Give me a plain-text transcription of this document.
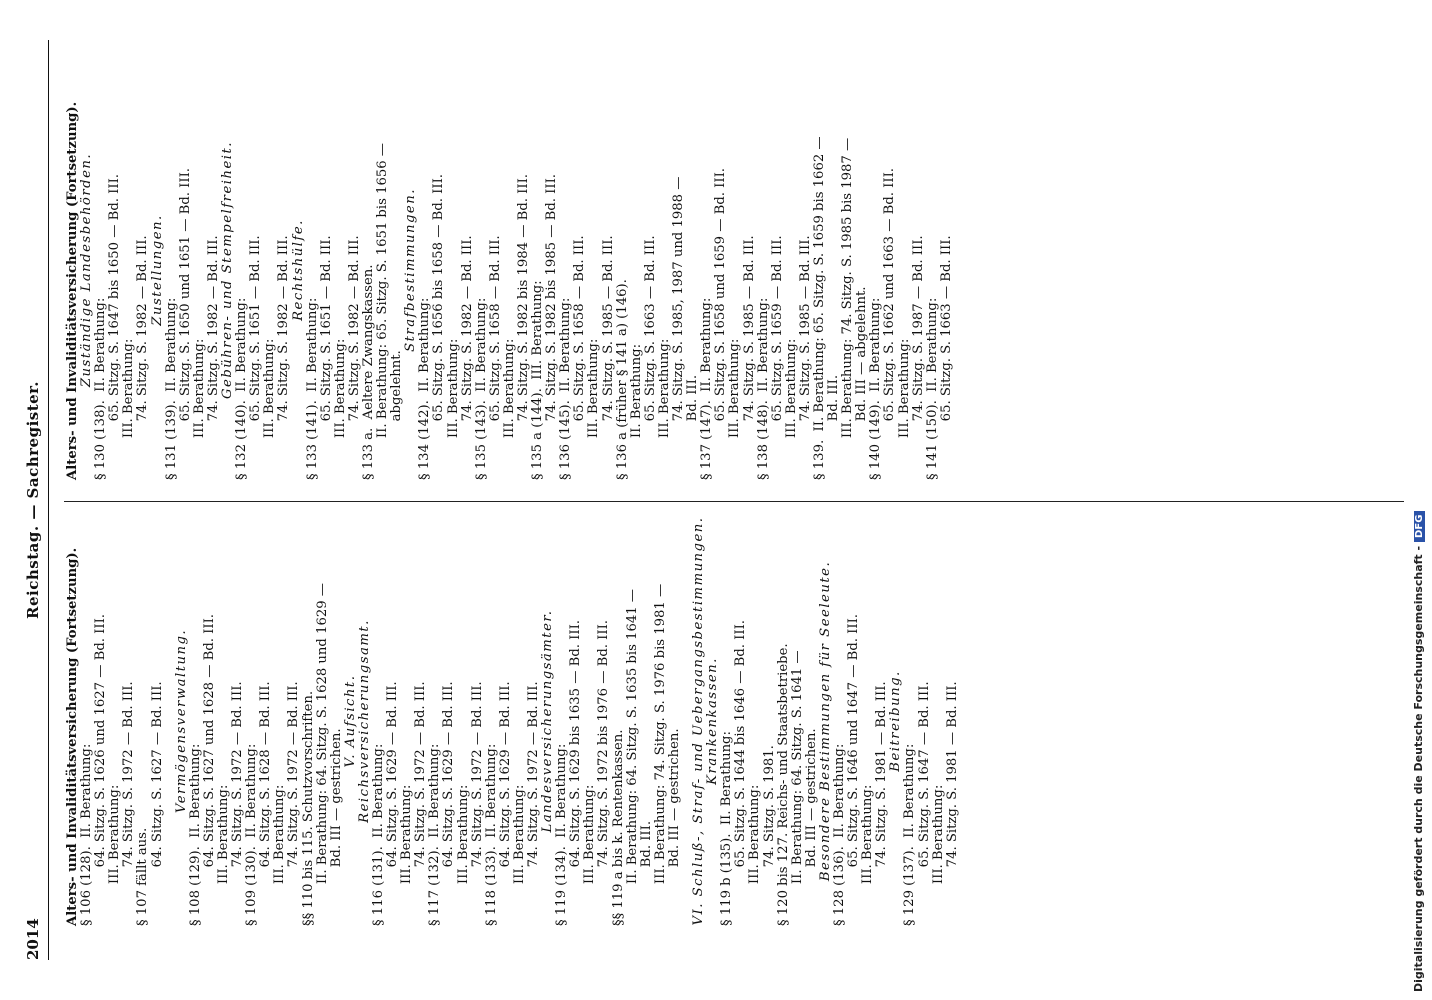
2014
Reichstag. — Sachregister.
Alters- und Invaliditätsversicherung (Fortsetzung). § 106 (128).  II. Berathung: 64. Sitzg. S. 1626 und 1627 — Bd. III. III. Berathung: 74. Sitzg. S. 1972 — Bd. III. § 107 fällt aus. 64. Sitzg. S. 1627 — Bd. III. Vermögensverwaltung.
§ 108 (129).  II. Berathung: 64. Sitzg. S. 1627 und 1628 — Bd. III. III. Berathung: 74. Sitzg. S. 1972 — Bd. III. § 109 (130).  II. Berathung: 64. Sitzg. S. 1628 — Bd. III. III. Berathung: 74. Sitzg. S. 1972 — Bd. III. §§ 110 bis 115. Schutzvorschriften. II. Berathung: 64. Sitzg. S. 1628 und 1629 — Bd. III — gestrichen.
V. Aufsicht. Reichsversicherungsamt.
§ 116 (131).  II. Berathung: 64. Sitzg. S. 1629 — Bd. III. III. Berathung: 74. Sitzg. S. 1972 — Bd. III. § 117 (132).  II. Berathung: 64. Sitzg. S. 1629 — Bd. III. III. Berathung: 74. Sitzg. S. 1972 — Bd. III. § 118 (133).  II. Berathung: 64. Sitzg. S. 1629 — Bd. III. III. Berathung: 74. Sitzg. S. 1972 — Bd. III. Landesversicherungsämter.
§ 119 (134).  II. Berathung: 64. Sitzg. S. 1629 bis 1635 — Bd. III. III. Berathung: 74. Sitzg. S. 1972 bis 1976 — Bd. III. §§ 119 a bis k. Rentenkassen. II. Berathung: 64. Sitzg. S. 1635 bis 1641 — Bd. III. III. Berathung: 74. Sitzg. S. 1976 bis 1981 — Bd. III — gestrichen. VI. Schluß-, Straf- und Uebergangsbestimmungen. Krankenkassen.
§ 119 b (135).  II. Berathung: 65. Sitzg. S. 1644 bis 1646 — Bd. III. III. Berathung: 74. Sitzg. S. 1981. § 120 bis 127. Reichs- und Staatsbetriebe. II. Berathung: 64. Sitzg. S. 1641 — Bd. III — gestrichen. Besondere Bestimmungen für Seeleute. § 128 (136).  II. Berathung: 65. Sitzg. S. 1646 und 1647 — Bd. III. III. Berathung: 74. Sitzg. S. 1981 — Bd. III. Beitreibung.
§ 129 (137).  II. Berathung: 65. Sitzg. S. 1647 — Bd. III. III. Berathung: 74. Sitzg. S. 1981 — Bd. III.
Alters- und Invaliditätsversicherung (Fortsetzung). Zuständige Landesbehörden.
§ 130 (138).  II. Berathung: 65. Sitzg. S. 1647 bis 1650 — Bd. III. III. Berathung: 74. Sitzg. S. 1982 — Bd. III. Zustellungen.
§ 131 (139).  II. Berathung: 65. Sitzg. S. 1650 und 1651 — Bd. III. III. Berathung: 74. Sitzg. S. 1982 — Bd. III. Gebühren- und Stempelfreiheit. § 132 (140).  II. Berathung: 65. Sitzg. S. 1651 — Bd. III. III. Berathung: 74. Sitzg. S. 1982 — Bd. III. Rechtshülfe.
§ 133 (141).  II. Berathung: 65. Sitzg. S. 1651 — Bd. III. III. Berathung: 74. Sitzg. S. 1982 — Bd. III. § 133 a.  Aeltere Zwangskassen. II. Berathung: 65. Sitzg. S. 1651 bis 1656 — abgelehnt.
Strafbestimmungen.
§ 134 (142).  II. Berathung: 65. Sitzg. S. 1656 bis 1658 — Bd. III. III. Berathung: 74. Sitzg. S. 1982 — Bd. III. § 135 (143).  II. Berathung: 65. Sitzg. S. 1658 — Bd. III. III. Berathung: 74. Sitzg. S. 1982 bis 1984 — Bd. III. § 135 a (144).  III. Berathung: 74. Sitzg. S. 1982 bis 1985 — Bd. III. § 136 (145).  II. Berathung: 65. Sitzg. S. 1658 — Bd. III. III. Berathung: 74. Sitzg. S. 1985 — Bd. III. § 136 a (früher § 141 a) (146). II. Berathung: 65. Sitzg. S. 1663 — Bd. III. III. Berathung: 74. Sitzg. S. 1985, 1987 und 1988 — Bd. III. § 137 (147).  II. Berathung: 65. Sitzg. S. 1658 und 1659 — Bd. III. III. Berathung: 74. Sitzg. S. 1985 — Bd. III. § 138 (148).  II. Berathung: 65. Sitzg. S. 1659 — Bd. III. III. Berathung: 74. Sitzg. S. 1985 — Bd. III. § 139.  II. Berathung: 65. Sitzg. S. 1659 bis 1662 — Bd. III. III. Berathung: 74. Sitzg. S. 1985 bis 1987 — Bd. III — abgelehnt. § 140 (149).  II. Berathung: 65. Sitzg. S. 1662 und 1663 — Bd. III. III. Berathung: 74. Sitzg. S. 1987 — Bd. III. § 141 (150).  II. Berathung: 65. Sitzg. S. 1663 — Bd. III.
Digitalisierung gefördert durch die Deutsche Forschungsgemeinschaft -DFG
